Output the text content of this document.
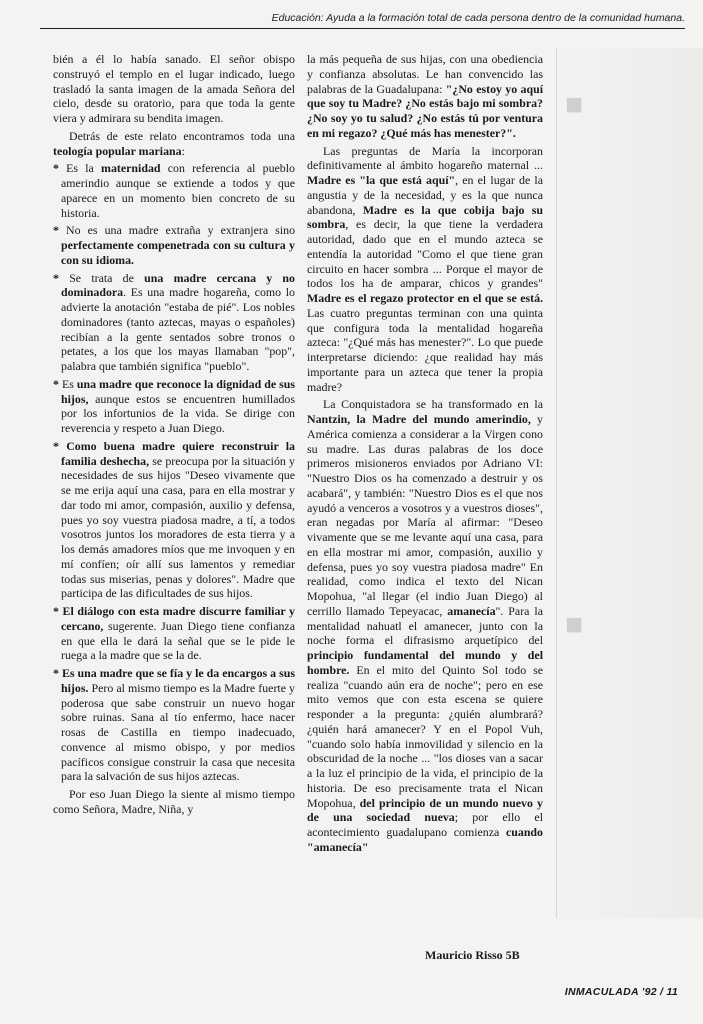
Educación: Ayuda a la formación total de cada persona dentro de la comunidad humana.
■
■

bién a él lo había sanado. El señor obispo construyó el templo en el lugar indicado, luego trasladó la santa imagen de la amada Señora del cielo, desde su oratorio, para que toda la gente viera y admirara su bendita imagen.

Detrás de este relato encontramos toda una teología popular mariana:

* Es la maternidad con referencia al pueblo amerindio aunque se extiende a todos y que aparece en un momento bien concreto de su historia.

* No es una madre extraña y extranjera sino perfectamente compenetrada con su cultura y con su idioma.

* Se trata de una madre cercana y no dominadora. Es una madre hogareña, como lo advierte la anotación "estaba de pié". Los nobles dominadores (tanto aztecas, mayas o españoles) recibían a la gente sentados sobre tronos o petates, a los que los mayas llamaban "pop", palabra que también significa "pueblo".

* Es una madre que reconoce la dignidad de sus hijos, aunque estos se encuentren humillados por los infortunios de la vida. Se dirige con reverencia y respeto a Juan Diego.

* Como buena madre quiere reconstruir la familia deshecha, se preocupa por la situación y necesidades de sus hijos "Deseo vivamente que se me erija aquí una casa, para en ella mostrar y dar todo mi amor, compasión, auxilio y defensa, pues yo soy vuestra piadosa madre, a tí, a todos vosotros juntos los moradores de esta tierra y a los demás amadores míos que me invoquen y en mí confíen; oír allí sus lamentos y remediar todas sus miserias, penas y dolores". Madre que participa de las dificultades de sus hijos.

* El diálogo con esta madre discurre familiar y cercano, sugerente. Juan Diego tiene confianza en que ella le dará la señal que se le pide le ruega a la madre que se la de.

* Es una madre que se fía y le da encargos a sus hijos. Pero al mismo tiempo es la Madre fuerte y poderosa que sabe construir un nuevo hogar sobre ruinas. Sana al tío enfermo, hace nacer rosas de Castilla en tiempo inadecuado, convence al mismo obispo, y por medios pacíficos consigue construir la casa que necesita para la salvación de sus hijos aztecas.

Por eso Juan Diego la siente al mismo tiempo como Señora, Madre, Niña, y

la más pequeña de sus hijas, con una obediencia y confianza absolutas. Le han convencido las palabras de la Guadalupana: "¿No estoy yo aquí que soy tu Madre? ¿No estás bajo mi sombra? ¿No soy yo tu salud? ¿No estás tú por ventura en mi regazo? ¿Qué más has menester?".

Las preguntas de María la incorporan definitivamente al ámbito hogareño maternal ... Madre es "la que está aquí", en el lugar de la angustia y de la necesidad, y es la que nunca abandona, Madre es la que cobija bajo su sombra, es decir, la que tiene la verdadera autoridad, dado que en el mundo azteca se entendía la autoridad "Como el que tiene gran circuito en hacer sombra ... Porque el mayor de todos los ha de amparar, chicos y grandes" Madre es el regazo protector en el que se está. Las cuatro preguntas terminan con una quinta que configura toda la mentalidad hogareña azteca: "¿Qué más has menester?". Lo que puede interpretarse diciendo: ¿que realidad hay más importante para un azteca que tener la propia madre?

La Conquistadora se ha transformado en la Nantzin, la Madre del mundo amerindio, y América comienza a considerar a la Virgen cono su madre. Las duras palabras de los doce primeros misioneros enviados por Adriano VI: "Nuestro Dios os ha comenzado a destruir y os acabará", y también: "Nuestro Dios es el que nos ayudó a venceros a vosotros y a vuestros dioses", eran negadas por María al afirmar: "Deseo vivamente que se me levante aquí una casa, para en ella mostrar mi amor, compasión, auxilio y defensa, pues yo soy vuestra piadosa madre" En realidad, como indica el texto del Nican Mopohua, "al llegar (el indio Juan Diego) al cerrillo llamado Tepeyacac, amanecía". Para la mentalidad nahuatl el amanecer, junto con la noche forma el difrasismo arquetípico del principio fundamental del mundo y del hombre. En el mito del Quinto Sol todo se realiza "cuando aún era de noche"; pero en ese mito vemos que con esta escena se quiere responder a la pregunta: ¿quién alumbrará? ¿quién hará amanecer? Y en el Popol Vuh, "cuando solo había inmovilidad y silencio en la obscuridad de la noche ... "los dioses van a sacar a la luz el principio de la vida, el principio de la historia. De eso precisamente trata el Nican Mopohua, del principio de un mundo nuevo y de una sociedad nueva; por ello el acontecimiento guadalupano comienza cuando "amanecía"

Mauricio Risso 5B
INMACULADA '92 / 11
